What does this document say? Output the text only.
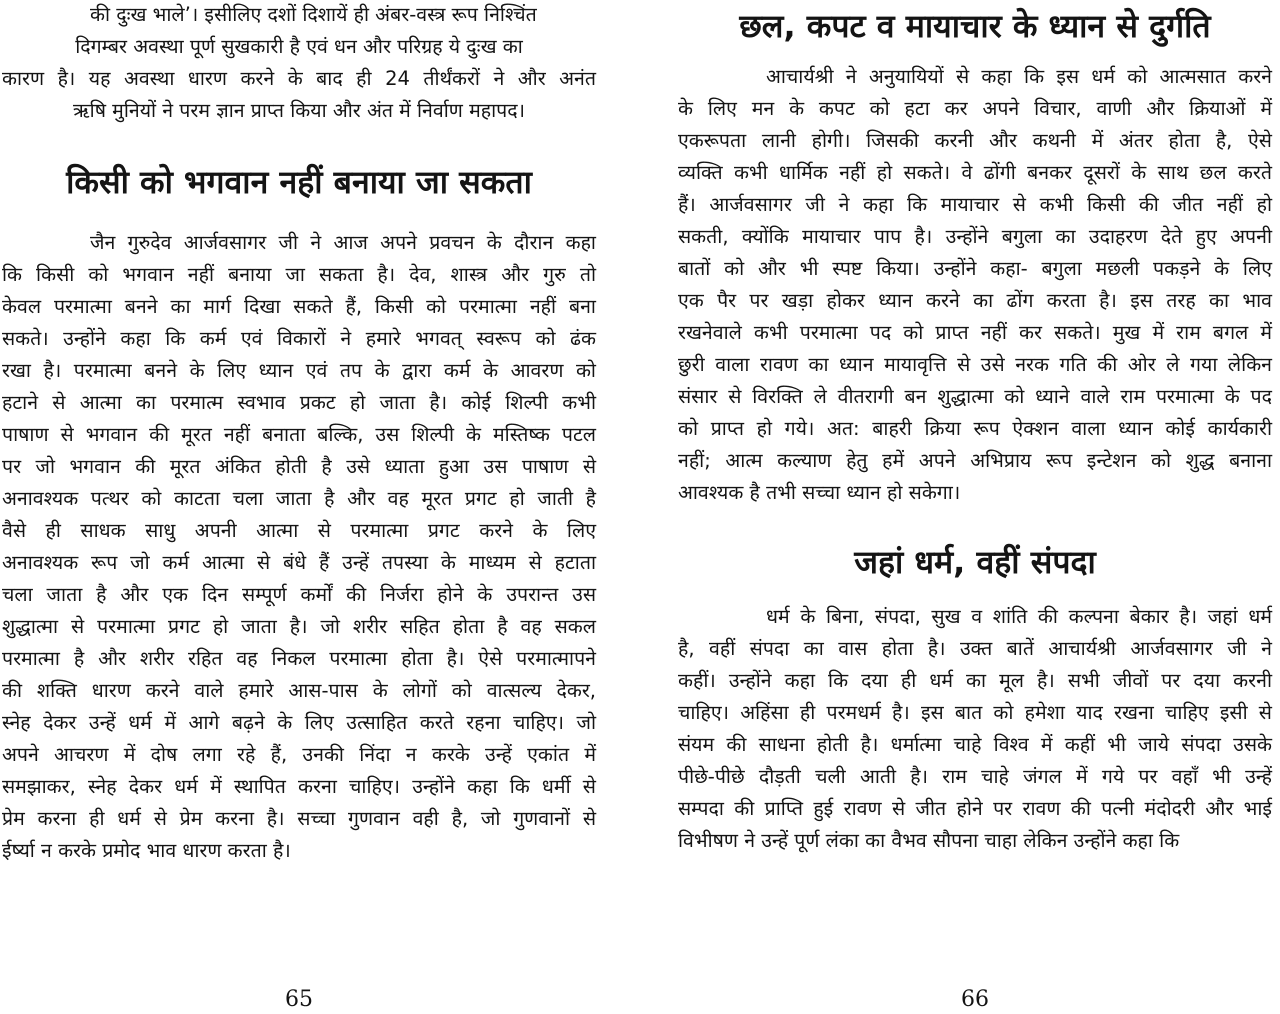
की दुःख भाले’। इसीलिए दशों दिशायें ही अंबर-वस्त्र रूप निश्चिंत
दिगम्बर अवस्था पूर्ण सुखकारी है एवं धन और परिग्रह ये दुःख का
कारण है। यह अवस्था धारण करने के बाद ही 24 तीर्थंकरों ने और अनंत
ऋषि मुनियों ने परम ज्ञान प्राप्त किया और अंत में निर्वाण महापद।
किसी को भगवान नहीं बनाया जा सकता
जैन गुरुदेव आर्जवसागर जी ने आज अपने प्रवचन के दौरान कहा
कि किसी को भगवान नहीं बनाया जा सकता है। देव, शास्त्र और गुरु तो
केवल परमात्मा बनने का मार्ग दिखा सकते हैं, किसी को परमात्मा नहीं बना
सकते। उन्होंने कहा कि कर्म एवं विकारों ने हमारे भगवत् स्वरूप को ढंक
रखा है। परमात्मा बनने के लिए ध्यान एवं तप के द्वारा कर्म के आवरण को
हटाने से आत्मा का परमात्म स्वभाव प्रकट हो जाता है। कोई शिल्पी कभी
पाषाण से भगवान की मूरत नहीं बनाता बल्कि, उस शिल्पी के मस्तिष्क पटल
पर जो भगवान की मूरत अंकित होती है उसे ध्याता हुआ उस पाषाण से
अनावश्यक पत्थर को काटता चला जाता है और वह मूरत प्रगट हो जाती है
वैसे ही साधक साधु अपनी आत्मा से परमात्मा प्रगट करने के लिए
अनावश्यक रूप जो कर्म आत्मा से बंधे हैं उन्हें तपस्या के माध्यम से हटाता
चला जाता है और एक दिन सम्पूर्ण कर्मों की निर्जरा होने के उपरान्त उस
शुद्धात्मा से परमात्मा प्रगट हो जाता है। जो शरीर सहित होता है वह सकल
परमात्मा है और शरीर रहित वह निकल परमात्मा होता है। ऐसे परमात्मापने
की शक्ति धारण करने वाले हमारे आस-पास के लोगों को वात्सल्य देकर,
स्नेह देकर उन्हें धर्म में आगे बढ़ने के लिए उत्साहित करते रहना चाहिए। जो
अपने आचरण में दोष लगा रहे हैं, उनकी निंदा न करके उन्हें एकांत में
समझाकर, स्नेह देकर धर्म में स्थापित करना चाहिए। उन्होंने कहा कि धर्मी से
प्रेम करना ही धर्म से प्रेम करना है। सच्चा गुणवान वही है, जो गुणवानों से
ईर्ष्या न करके प्रमोद भाव धारण करता है।
65
छल, कपट व मायाचार के ध्यान से दुर्गति
आचार्यश्री ने अनुयायियों से कहा कि इस धर्म को आत्मसात करने
के लिए मन के कपट को हटा कर अपने विचार, वाणी और क्रियाओं में
एकरूपता लानी होगी। जिसकी करनी और कथनी में अंतर होता है, ऐसे
व्यक्ति कभी धार्मिक नहीं हो सकते। वे ढोंगी बनकर दूसरों के साथ छल करते
हैं। आर्जवसागर जी ने कहा कि मायाचार से कभी किसी की जीत नहीं हो
सकती, क्योंकि मायाचार पाप है। उन्होंने बगुला का उदाहरण देते हुए अपनी
बातों को और भी स्पष्ट किया। उन्होंने कहा- बगुला मछली पकड़ने के लिए
एक पैर पर खड़ा होकर ध्यान करने का ढोंग करता है। इस तरह का भाव
रखनेवाले कभी परमात्मा पद को प्राप्त नहीं कर सकते। मुख में राम बगल में
छुरी वाला रावण का ध्यान मायावृत्ति से उसे नरक गति की ओर ले गया लेकिन
संसार से विरक्ति ले वीतरागी बन शुद्धात्मा को ध्याने वाले राम परमात्मा के पद
को प्राप्त हो गये। अत: बाहरी क्रिया रूप ऐक्शन वाला ध्यान कोई कार्यकारी
नहीं; आत्म कल्याण हेतु हमें अपने अभिप्राय रूप इन्टेशन को शुद्ध बनाना
आवश्यक है तभी सच्चा ध्यान हो सकेगा।
जहां धर्म, वहीं संपदा
धर्म के बिना, संपदा, सुख व शांति की कल्पना बेकार है। जहां धर्म
है, वहीं संपदा का वास होता है। उक्त बातें आचार्यश्री आर्जवसागर जी ने
कहीं। उन्होंने कहा कि दया ही धर्म का मूल है। सभी जीवों पर दया करनी
चाहिए। अहिंसा ही परमधर्म है। इस बात को हमेशा याद रखना चाहिए इसी से
संयम की साधना होती है। धर्मात्मा चाहे विश्व में कहीं भी जाये संपदा उसके
पीछे-पीछे दौड़ती चली आती है। राम चाहे जंगल में गये पर वहाँ भी उन्हें
सम्पदा की प्राप्ति हुई रावण से जीत होने पर रावण की पत्नी मंदोदरी और भाई
विभीषण ने उन्हें पूर्ण लंका का वैभव सौपना चाहा लेकिन उन्होंने कहा कि
66
